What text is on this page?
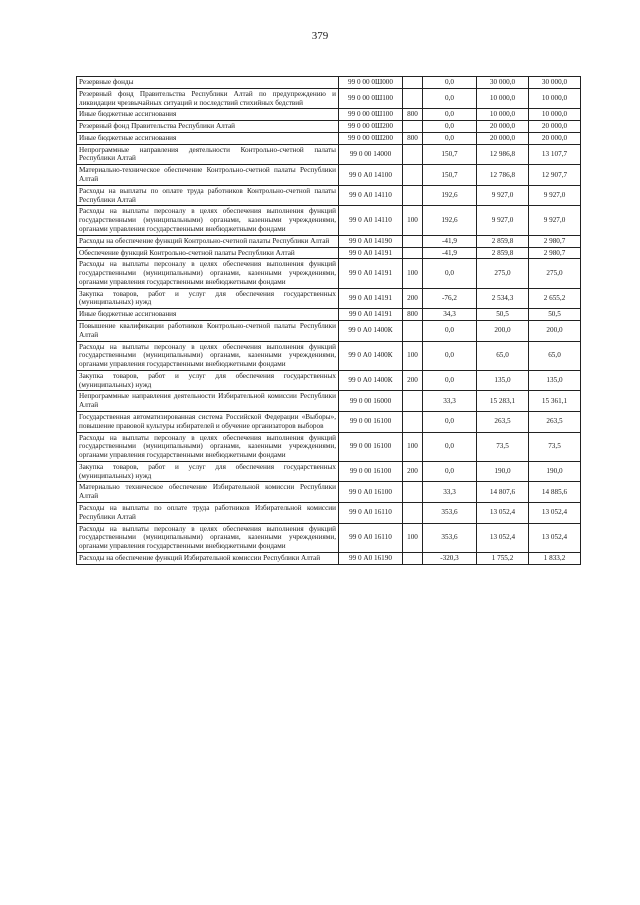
379
Резервные фонды	99 0 00 0Ш000		0,0	30 000,0	30 000,0
Резервный фонд Правительства Республики Алтай по предупреждению и ликвидации чрезвычайных ситуаций и последствий стихийных бедствий	99 0 00 0Ш100		0,0	10 000,0	10 000,0
Иные бюджетные ассигнования	99 0 00 0Ш100	800	0,0	10 000,0	10 000,0
Резервный фонд Правительства Республики Алтай	99 0 00 0Ш200		0,0	20 000,0	20 000,0
Иные бюджетные ассигнования	99 0 00 0Ш200	800	0,0	20 000,0	20 000,0
Непрограммные направления деятельности Контрольно-счетной палаты Республики Алтай	99 0 00 14000		150,7	12 986,8	13 107,7
Материально-техническое обеспечение Контрольно-счетной палаты Республики Алтай	99 0 А0 14100		150,7	12 786,8	12 907,7
Расходы на выплаты по оплате труда работников Контрольно-счетной палаты Республики Алтай	99 0 А0 14110		192,6	9 927,0	9 927,0
Расходы на выплаты персоналу в целях обеспечения выполнения функций государственными (муниципальными) органами, казенными учреждениями, органами управления государственными внебюджетными фондами	99 0 А0 14110	100	192,6	9 927,0	9 927,0
Расходы на обеспечение функций Контрольно-счетной палаты Республики Алтай	99 0 А0 14190		-41,9	2 859,8	2 980,7
Обеспечение функций Контрольно-счетной палаты Республики Алтай	99 0 А0 14191		-41,9	2 859,8	2 980,7
Расходы на выплаты персоналу в целях обеспечения выполнения функций государственными (муниципальными) органами, казенными учреждениями, органами управления государственными внебюджетными фондами	99 0 А0 14191	100	0,0	275,0	275,0
Закупка товаров, работ и услуг для обеспечения государственных (муниципальных) нужд	99 0 А0 14191	200	-76,2	2 534,3	2 655,2
Иные бюджетные ассигнования	99 0 А0 14191	800	34,3	50,5	50,5
Повышение квалификации работников Контрольно-счетной палаты Республики Алтай	99 0 А0 1400К		0,0	200,0	200,0
Расходы на выплаты персоналу в целях обеспечения выполнения функций государственными (муниципальными) органами, казенными учреждениями, органами управления государственными внебюджетными фондами	99 0 А0 1400К	100	0,0	65,0	65,0
Закупка товаров, работ и услуг для обеспечения государственных (муниципальных) нужд	99 0 А0 1400К	200	0,0	135,0	135,0
Непрограммные направления деятельности Избирательной комиссии Республики Алтай	99 0 00 16000		33,3	15 283,1	15 361,1
Государственная автоматизированная система Российской Федерации «Выборы», повышение правовой культуры избирателей и обучение организаторов выборов	99 0 00 16100		0,0	263,5	263,5
Расходы на выплаты персоналу в целях обеспечения выполнения функций государственными (муниципальными) органами, казенными учреждениями, органами управления государственными внебюджетными фондами	99 0 00 16100	100	0,0	73,5	73,5
Закупка товаров, работ и услуг для обеспечения государственных (муниципальных) нужд	99 0 00 16100	200	0,0	190,0	190,0
Материально техническое обеспечение Избирательной комиссии Республики Алтай	99 0 А0 16100		33,3	14 807,6	14 885,6
Расходы на выплаты по оплате труда работников Избирательной комиссии Республики Алтай	99 0 А0 16110		353,6	13 052,4	13 052,4
Расходы на выплаты персоналу в целях обеспечения выполнения функций государственными (муниципальными) органами, казенными учреждениями, органами управления государственными внебюджетными фондами	99 0 А0 16110	100	353,6	13 052,4	13 052,4
Расходы на обеспечение функций Избирательной комиссии Республики Алтай	99 0 А0 16190		-320,3	1 755,2	1 833,2
